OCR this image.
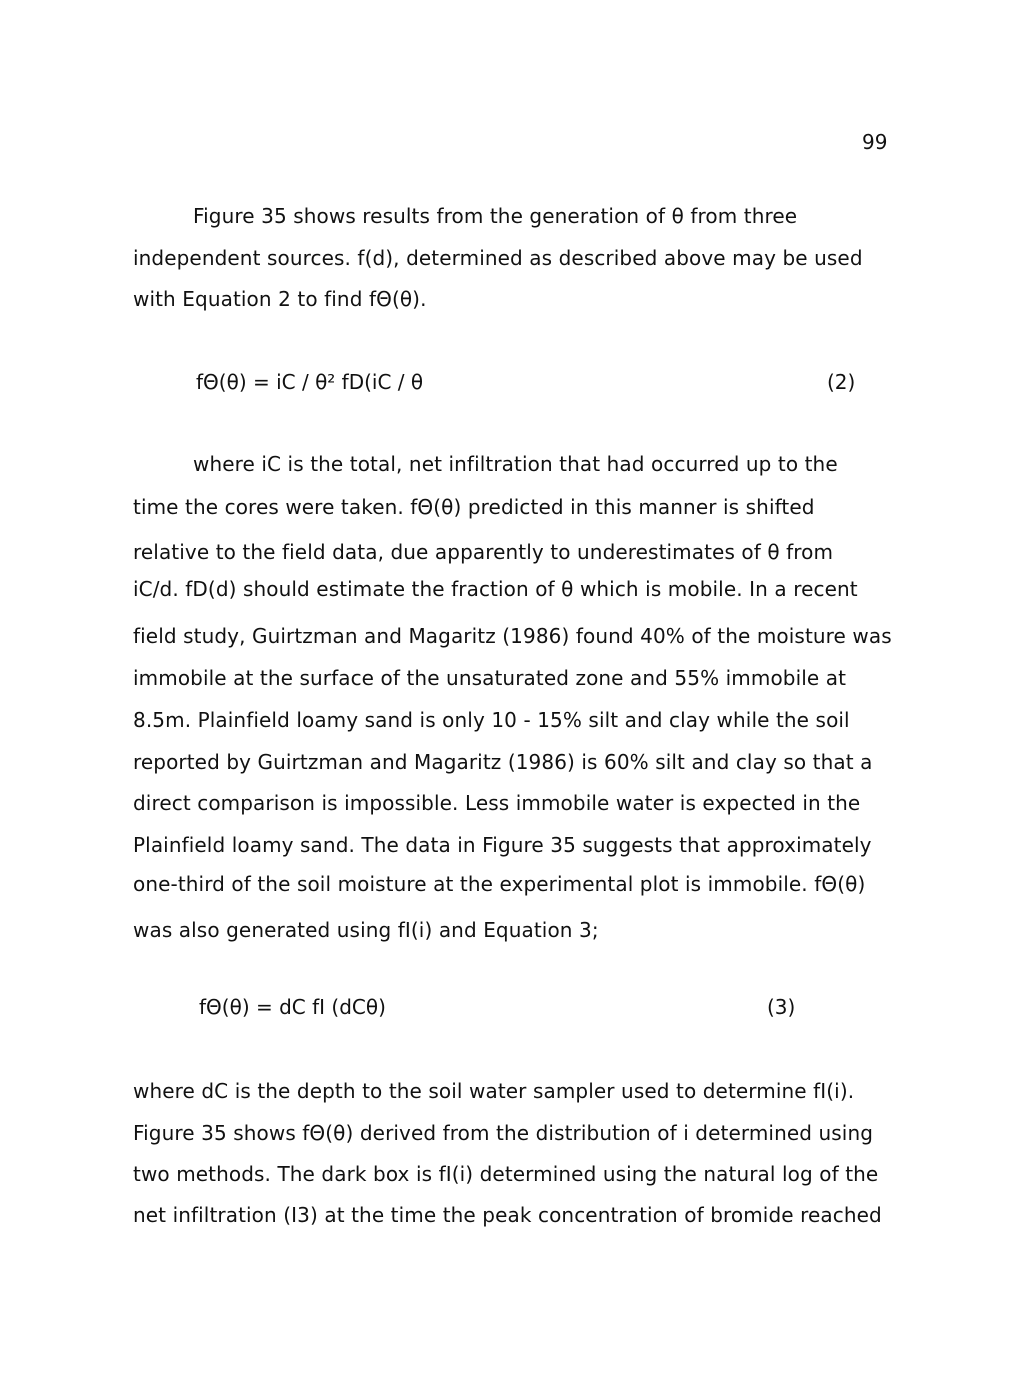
99
Figure 35 shows results from the generation of θ from three
independent sources. f(d), determined as described above may be used
with Equation 2 to find fΘ(θ).
fΘ(θ) = iC / θ² fD(iC / θ	(2)
where iC is the total, net infiltration that had occurred up to the
time the cores were taken. fΘ(θ) predicted in this manner is shifted
relative to the field data, due apparently to underestimates of θ from
iC/d. fD(d) should estimate the fraction of θ which is mobile. In a recent
field study, Guirtzman and Magaritz (1986) found 40% of the moisture was
immobile at the surface of the unsaturated zone and 55% immobile at
8.5m. Plainfield loamy sand is only 10 - 15% silt and clay while the soil
reported by Guirtzman and Magaritz (1986) is 60% silt and clay so that a
direct comparison is impossible. Less immobile water is expected in the
Plainfield loamy sand. The data in Figure 35 suggests that approximately
one-third of the soil moisture at the experimental plot is immobile. fΘ(θ)
was also generated using fI(i) and Equation 3;
fΘ(θ) = dC fI (dCθ)	(3)
where dC is the depth to the soil water sampler used to determine fI(i).
Figure 35 shows fΘ(θ) derived from the distribution of i determined using
two methods. The dark box is fI(i) determined using the natural log of the
net infiltration (I3) at the time the peak concentration of bromide reached
